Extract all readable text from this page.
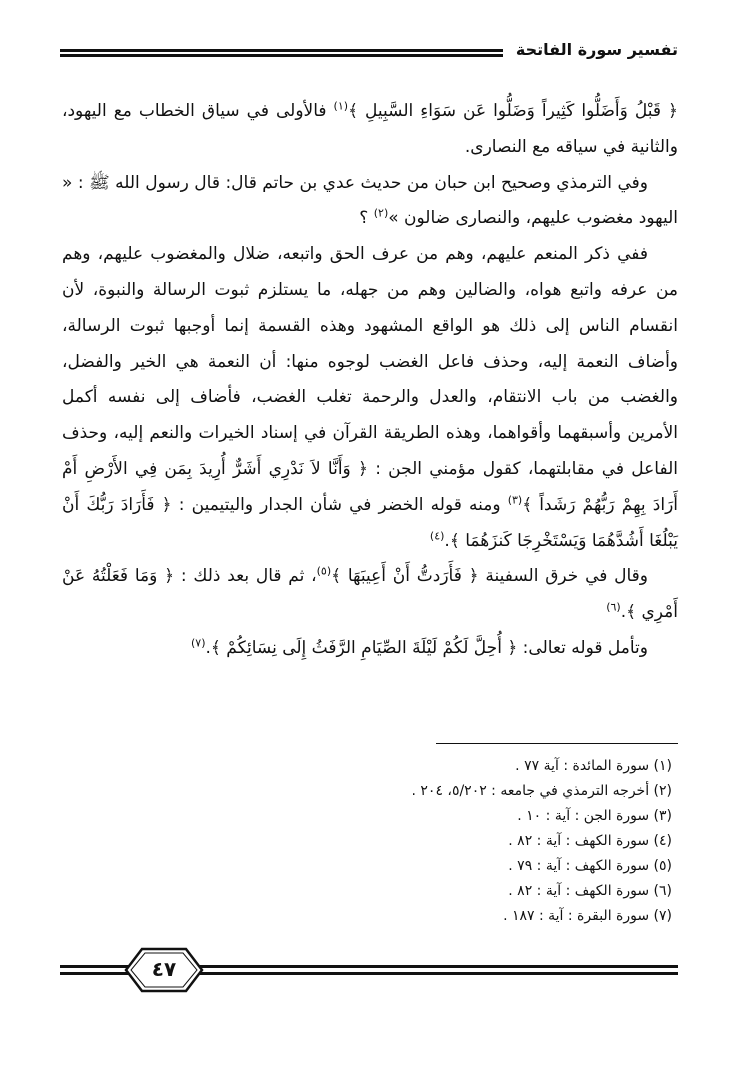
تفسير سورة الفاتحة

﴿ قَبْلُ وَأَضَلُّوا كَثِيراً وَضَلُّوا عَن سَوَاءِ السَّبِيلِ ﴾$^{(١)}$ فالأولى في سياق الخطاب مع اليهود، والثانية في سياقه مع النصارى.

وفي الترمذي وصحيح ابن حبان من حديث عدي بن حاتم قال: قال رسول الله ﷺ : « اليهود مغضوب عليهم، والنصارى ضالون »$^{(٢)}$ ؟

ففي ذكر المنعم عليهم، وهم من عرف الحق واتبعه، ضلال والمغضوب عليهم، وهم من عرفه واتبع هواه، والضالين وهم من جهله، ما يستلزم ثبوت الرسالة والنبوة، لأن انقسام الناس إلى ذلك هو الواقع المشهود وهذه القسمة إنما أوجبها ثبوت الرسالة، وأضاف النعمة إليه، وحذف فاعل الغضب لوجوه منها: أن النعمة هي الخير والفضل، والغضب من باب الانتقام، والعدل والرحمة تغلب الغضب، فأضاف إلى نفسه أكمل الأمرين وأسبقهما وأقواهما، وهذه الطريقة القرآن في إسناد الخيرات والنعم إليه، وحذف الفاعل في مقابلتهما، كقول مؤمني الجن : ﴿ وَأَنَّا لاَ نَدْرِي أَشَرٌّ أُرِيدَ بِمَن فِي الأَرْضِ أَمْ أَرَادَ بِهِمْ رَبُّهُمْ رَشَداً ﴾$^{(٣)}$ ومنه قوله الخضر في شأن الجدار واليتيمين : ﴿ فَأَرَادَ رَبُّكَ أَنْ يَبْلُغَا أَشُدَّهُمَا وَيَسْتَخْرِجَا كَنزَهُمَا ﴾.$^{(٤)}$

وقال في خرق السفينة ﴿ فَأَرَدتُّ أَنْ أَعِيبَهَا ﴾$^{(٥)}$، ثم قال بعد ذلك : ﴿ وَمَا فَعَلْتُهُ عَنْ أَمْرِي ﴾.$^{(٦)}$

وتأمل قوله تعالى: ﴿ أُحِلَّ لَكُمْ لَيْلَةَ الصِّيَامِ الرَّفَثُ إِلَى نِسَائِكُمْ ﴾.$^{(٧)}$

(١) سورة المائدة : آية ٧٧ .
(٢) أخرجه الترمذي في جامعه : ٥/٢٠٢، ٢٠٤ .
(٣) سورة الجن : آية : ١٠ .
(٤) سورة الكهف : آية : ٨٢ .
(٥) سورة الكهف : آية : ٧٩ .
(٦) سورة الكهف : آية : ٨٢ .
(٧) سورة البقرة : آية : ١٨٧ .
٤٧
